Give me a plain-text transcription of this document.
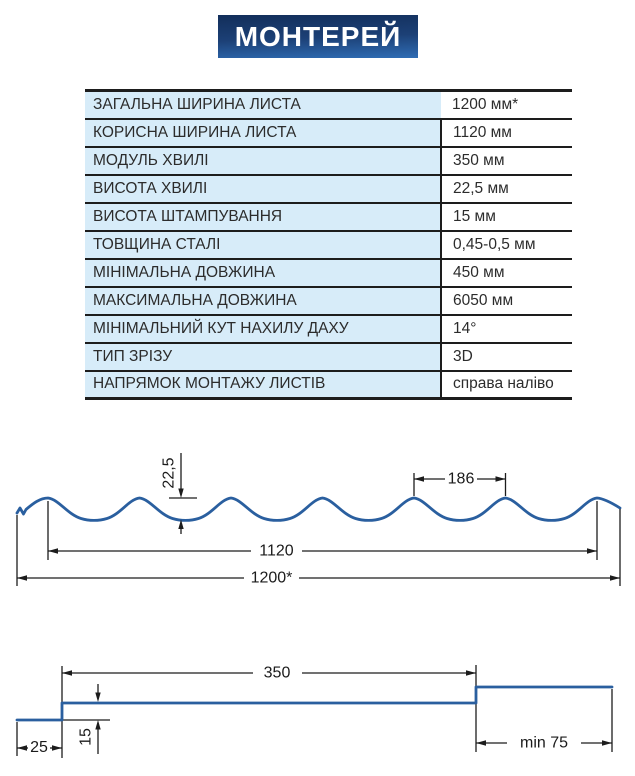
МОНТЕРЕЙ
ЗАГАЛЬНА ШИРИНА ЛИСТА	1200 мм*
КОРИСНА ШИРИНА ЛИСТА	1120 мм
МОДУЛЬ ХВИЛІ	350 мм
ВИСОТА ХВИЛІ	22,5 мм
ВИСОТА ШТАМПУВАННЯ	15 мм
ТОВЩИНА СТАЛІ	0,45-0,5 мм
МІНІМАЛЬНА ДОВЖИНА	450 мм
МАКСИМАЛЬНА ДОВЖИНА	6050 мм
МІНІМАЛЬНИЙ КУТ НАХИЛУ ДАХУ	14°
ТИП ЗРІЗУ	3D
НАПРЯМОК МОНТАЖУ ЛИСТІВ	справа наліво
22,5	186
1120
1200*
350
25
15	min 75
